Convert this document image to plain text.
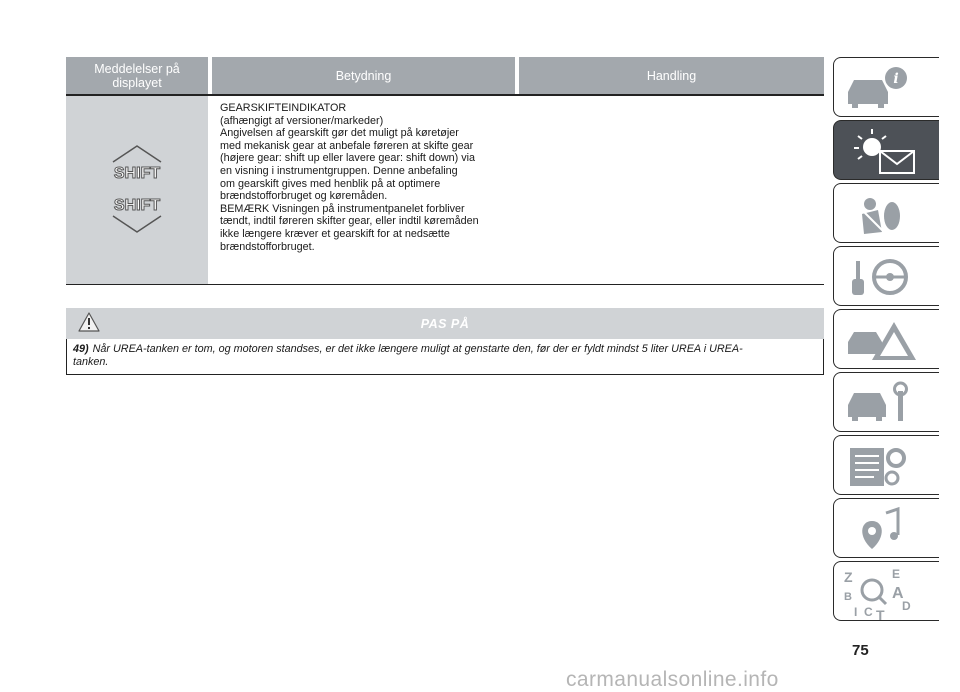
Meddelelser på
displayet	Betydning	Handling
SHIFT
SHIFT
GEARSKIFTEINDIKATOR
(afhængigt af versioner/markeder)
Angivelsen af gearskift gør det muligt på køretøjer
med mekanisk gear at anbefale føreren at skifte gear
(højere gear: shift up eller lavere gear: shift down) via
en visning i instrumentgruppen. Denne anbefaling
om gearskift gives med henblik på at optimere
brændstofforbruget og køremåden.
BEMÆRK Visningen på instrumentpanelet forbliver
tændt, indtil føreren skifter gear, eller indtil køremåden
ikke længere kræver et gearskift for at nedsætte
brændstofforbruget.
PAS PÅ
49) Når UREA-tanken er tom, og motoren standses, er det ikke længere muligt at genstarte den, før der er fyldt mindst 5 liter UREA i UREA-
tanken.
i
Z	E
B	A
D
I C T
75
carmanualsonline.info
